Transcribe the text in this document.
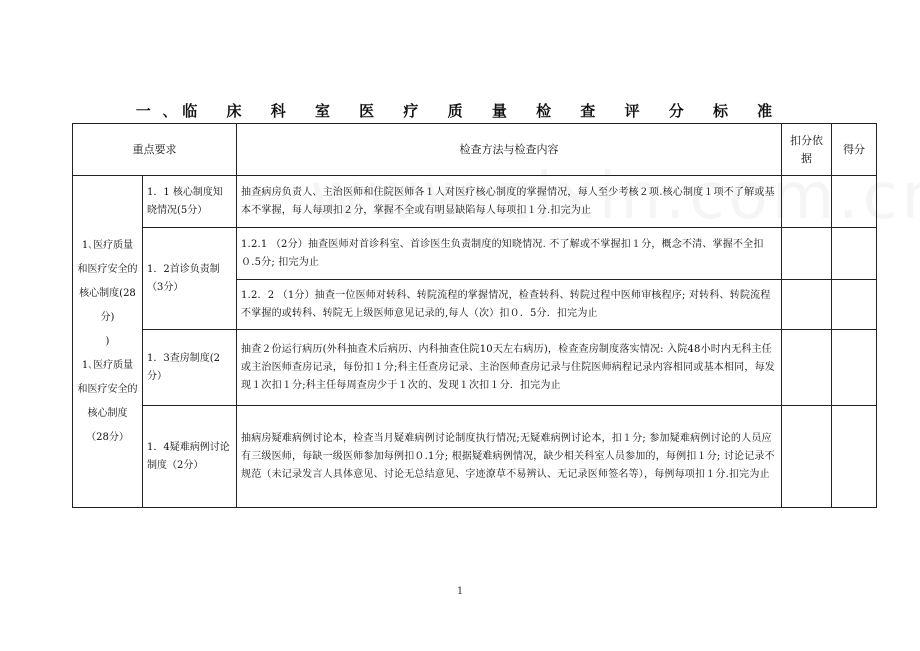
一､临 床 科 室 医 疗 质 量 检 查 评 分 标 准
重点要求		检查方法与检查内容	扣分依据	得分

1､医疗质量和医疗安全的核心制度(28分)
)
1､医疗质量和医疗安全的核心制度（28分）	1．1 核心制度知晓情况(5分）	抽查病房负责人、主治医师和住院医师各１人对医疗核心制度的掌握情况，每人至少考核２项.核心制度１项不了解或基本不掌握，每人每项扣２分，掌握不全或有明显缺陷每人每项扣１分.扣完为止		
	1．2首诊负责制（3分）	1.2.1 （2分）抽查医师对首诊科室、首诊医生负责制度的知晓情况. 不了解或不掌握扣１分，概念不清、掌握不全扣０.5分; 扣完为止		
		1.2．2 （1分）抽查一位医师对转科、转院流程的掌握情况，检查转科、转院过程中医师审核程序; 对转科、转院流程不掌握的或转科、转院无上级医师意见记录的,每人（次）扣０．5分．扣完为止		
	1．3查房制度(2分）	抽查２份运行病历(外科抽查术后病历、内科抽查住院10天左右病历)，检查查房制度落实情况: 入院48小时内无科主任或主治医师查房记录，每份扣１分;科主任查房记录、主治医师查房记录与住院医师病程记录内容相同或基本相同，每发现１次扣１分;科主任每周查房少于１次的、发现１次扣１分．扣完为止		
	1．4疑难病例讨论制度（2分）	抽病房疑难病例讨论本，检查当月疑难病例讨论制度执行情况;无疑难病例讨论本，扣１分; 参加疑难病例讨论的人员应有三级医师，每缺一级医师参加每例扣０.1分; 根据疑难病例情况，缺少相关科室人员参加的，每例扣１分; 讨论记录不规范（未记录发言人具体意见、讨论无总结意见、字迹潦草不易辨认、无记录医师签名等），每例每项扣１分.扣完为止		
1
